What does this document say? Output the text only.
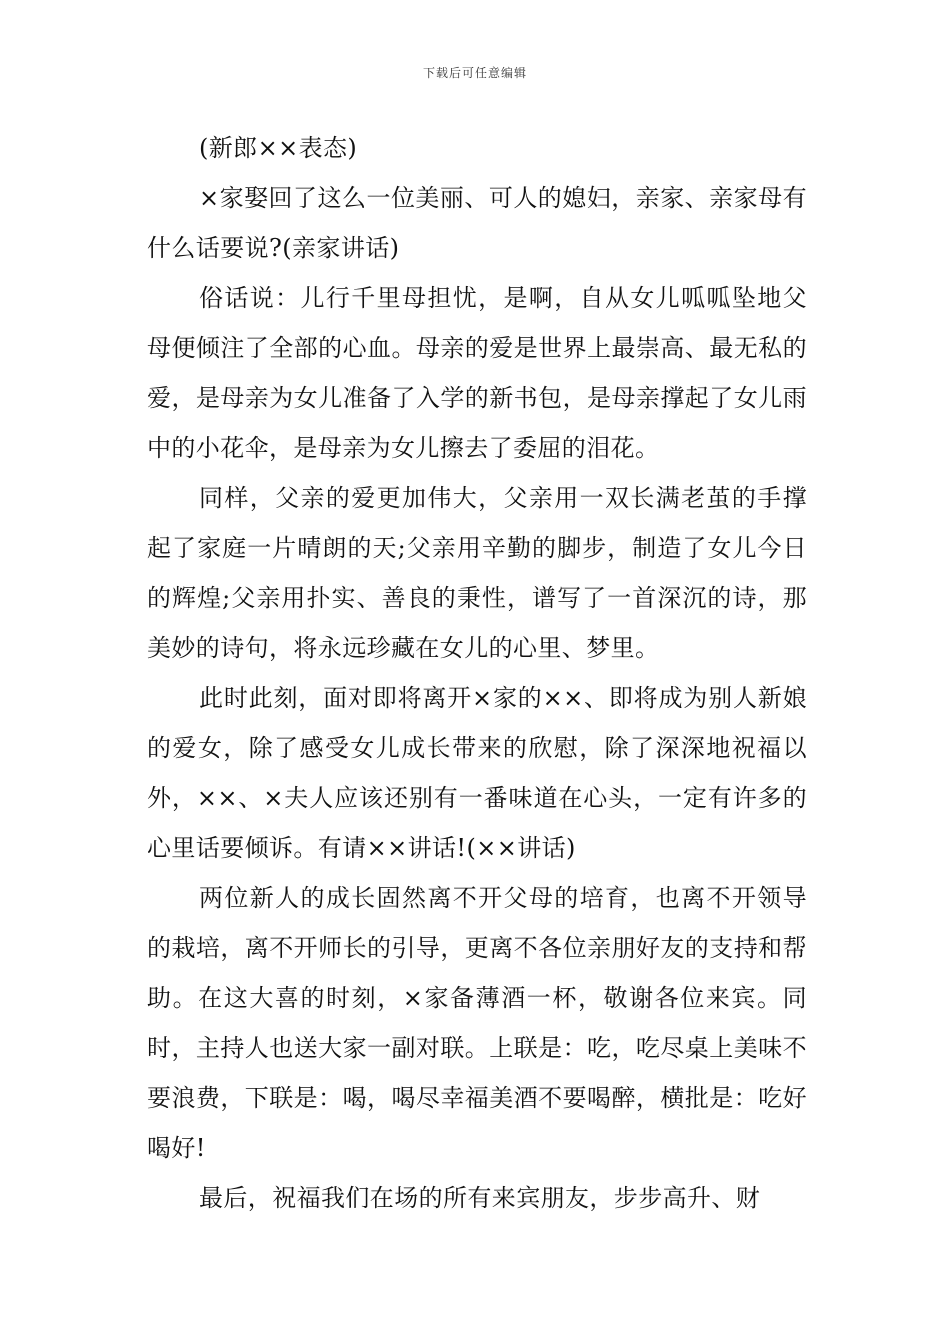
下载后可任意编辑

(新郎××表态)

×家娶回了这么一位美丽、可人的媳妇，亲家、亲家母有什么话要说?(亲家讲话)

俗话说：儿行千里母担忧，是啊，自从女儿呱呱坠地父母便倾注了全部的心血。母亲的爱是世界上最崇高、最无私的爱，是母亲为女儿准备了入学的新书包，是母亲撑起了女儿雨中的小花伞，是母亲为女儿擦去了委屈的泪花。

同样，父亲的爱更加伟大，父亲用一双长满老茧的手撑起了家庭一片晴朗的天;父亲用辛勤的脚步，制造了女儿今日的辉煌;父亲用扑实、善良的秉性，谱写了一首深沉的诗，那美妙的诗句，将永远珍藏在女儿的心里、梦里。

此时此刻，面对即将离开×家的××、即将成为别人新娘的爱女，除了感受女儿成长带来的欣慰，除了深深地祝福以外，××、×夫人应该还别有一番味道在心头，一定有许多的心里话要倾诉。有请××讲话!(××讲话)

两位新人的成长固然离不开父母的培育，也离不开领导的栽培，离不开师长的引导，更离不各位亲朋好友的支持和帮助。在这大喜的时刻，×家备薄酒一杯，敬谢各位来宾。同时，主持人也送大家一副对联。上联是：吃，吃尽桌上美味不要浪费，下联是：喝，喝尽幸福美酒不要喝醉，横批是：吃好喝好!

最后，祝福我们在场的所有来宾朋友，步步高升、财
